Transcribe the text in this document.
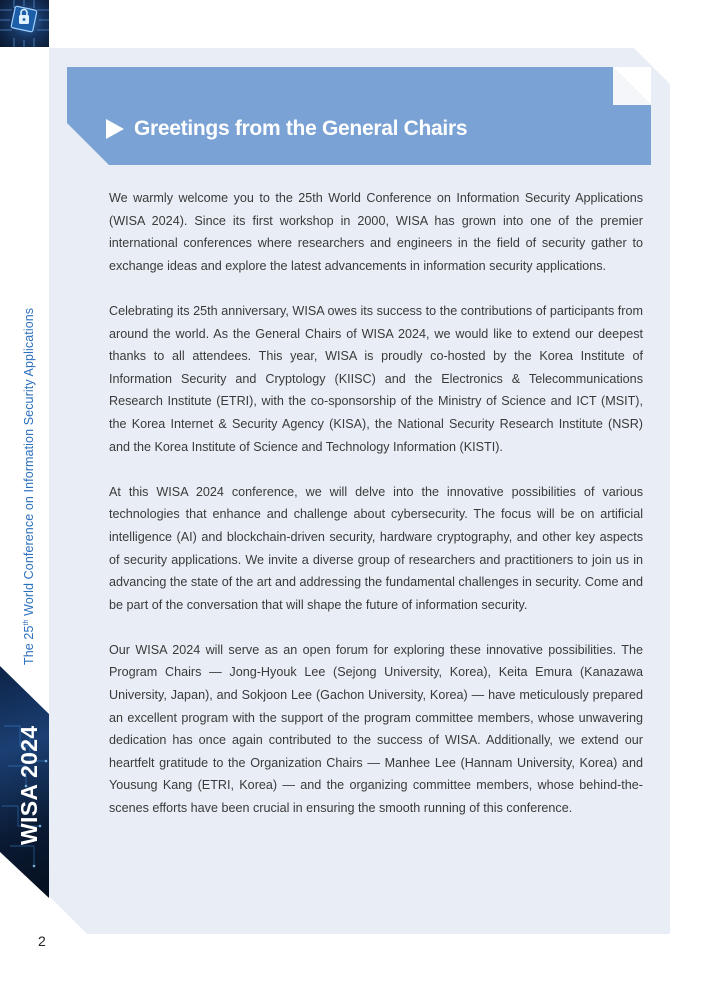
Greetings from the General Chairs

We warmly welcome you to the 25th World Conference on Information Security Applications (WISA 2024). Since its first workshop in 2000, WISA has grown into one of the premier international conferences where researchers and engineers in the field of security gather to exchange ideas and explore the latest advancements in information security applications.

Celebrating its 25th anniversary, WISA owes its success to the contributions of participants from around the world. As the General Chairs of WISA 2024, we would like to extend our deepest thanks to all attendees. This year, WISA is proudly co-hosted by the Korea Institute of Information Security and Cryptology (KIISC) and the Electronics & Telecommunications Research Institute (ETRI), with the co-sponsorship of the Ministry of Science and ICT (MSIT), the Korea Internet & Security Agency (KISA), the National Security Research Institute (NSR) and the Korea Institute of Science and Technology Information (KISTI).

At this WISA 2024 conference, we will delve into the innovative possibilities of various technologies that enhance and challenge about cybersecurity. The focus will be on artificial intelligence (AI) and blockchain-driven security, hardware cryptography, and other key aspects of security applications. We invite a diverse group of researchers and practitioners to join us in advancing the state of the art and addressing the fundamental challenges in security. Come and be part of the conversation that will shape the future of information security.

Our WISA 2024 will serve as an open forum for exploring these innovative possibilities. The Program Chairs — Jong-Hyouk Lee (Sejong University, Korea), Keita Emura (Kanazawa University, Japan), and Sokjoon Lee (Gachon University, Korea) — have meticulously prepared an excellent program with the support of the program committee members, whose unwavering dedication has once again contributed to the success of WISA. Additionally, we extend our heartfelt gratitude to the Organization Chairs — Manhee Lee (Hannam University, Korea) and Yousung Kang (ETRI, Korea) — and the organizing committee members, whose behind-the-scenes efforts have been crucial in ensuring the smooth running of this conference.

The 25th World Conference on Information Security Applications
WISA 2024
2
